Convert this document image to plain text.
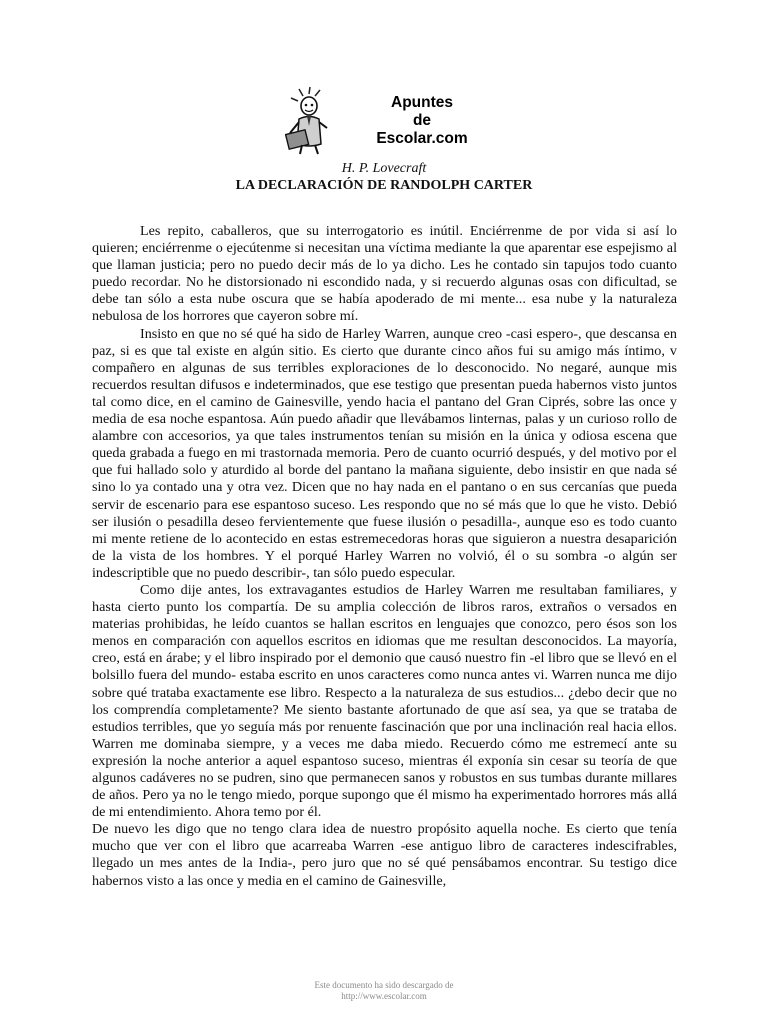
Apuntes
de
Escolar.com
H. P. Lovecraft
LA DECLARACIÓN DE RANDOLPH CARTER

Les repito, caballeros, que su interrogatorio es inútil. Enciérrenme de por vida si así lo quieren; enciérrenme o ejecútenme si necesitan una víctima mediante la que aparentar ese espejismo al que llaman justicia; pero no puedo decir más de lo ya dicho. Les he contado sin tapujos todo cuanto puedo recordar. No he distorsionado ni escondido nada, y si recuerdo algunas osas con dificultad, se debe tan sólo a esta nube oscura que se había apoderado de mi mente... esa nube y la naturaleza nebulosa de los horrores que cayeron sobre mí.

Insisto en que no sé qué ha sido de Harley Warren, aunque creo -casi espero-, que descansa en paz, si es que tal existe en algún sitio. Es cierto que durante cinco años fui su amigo más íntimo, v compañero en algunas de sus terribles exploraciones de lo desconocido. No negaré, aunque mis recuerdos resultan difusos e indeterminados, que ese testigo que presentan pueda habernos visto juntos tal como dice, en el camino de Gainesville, yendo hacia el pantano del Gran Ciprés, sobre las once y media de esa noche espantosa. Aún puedo añadir que llevábamos linternas, palas y un curioso rollo de alambre con accesorios, ya que tales instrumentos tenían su misión en la única y odiosa escena que queda grabada a fuego en mi trastornada memoria. Pero de cuanto ocurrió después, y del motivo por el que fui hallado solo y aturdido al borde del pantano la mañana siguiente, debo insistir en que nada sé sino lo ya contado una y otra vez. Dicen que no hay nada en el pantano o en sus cercanías que pueda servir de escenario para ese espantoso suceso. Les respondo que no sé más que lo que he visto. Debió ser ilusión o pesadilla deseo fervientemente que fuese ilusión o pesadilla-, aunque eso es todo cuanto mi mente retiene de lo acontecido en estas estremecedoras horas que siguieron a nuestra desaparición de la vista de los hombres. Y el porqué Harley Warren no volvió, él o su sombra -o algún ser indescriptible que no puedo describir-, tan sólo puedo especular.

Como dije antes, los extravagantes estudios de Harley Warren me resultaban familiares, y hasta cierto punto los compartía. De su amplia colección de libros raros, extraños o versados en materias prohibidas, he leído cuantos se hallan escritos en lenguajes que conozco, pero ésos son los menos en comparación con aquellos escritos en idiomas que me resultan desconocidos. La mayoría, creo, está en árabe; y el libro inspirado por el demonio que causó nuestro fin -el libro que se llevó en el bolsillo fuera del mundo- estaba escrito en unos caracteres como nunca antes vi. Warren nunca me dijo sobre qué trataba exactamente ese libro. Respecto a la naturaleza de sus estudios... ¿debo decir que no los comprendía completamente? Me siento bastante afortunado de que así sea, ya que se trataba de estudios terribles, que yo seguía más por renuente fascinación que por una inclinación real hacia ellos. Warren me dominaba siempre, y a veces me daba miedo. Recuerdo cómo me estremecí ante su expresión la noche anterior a aquel espantoso suceso, mientras él exponía sin cesar su teoría de que algunos cadáveres no se pudren, sino que permanecen sanos y robustos en sus tumbas durante millares de años. Pero ya no le tengo miedo, porque supongo que él mismo ha experimentado horrores más allá de mi entendimiento. Ahora temo por él.

De nuevo les digo que no tengo clara idea de nuestro propósito aquella noche. Es cierto que tenía mucho que ver con el libro que acarreaba Warren -ese antiguo libro de caracteres indescifrables, llegado un mes antes de la India-, pero juro que no sé qué pensábamos encontrar. Su testigo dice habernos visto a las once y media en el camino de Gainesville,

Este documento ha sido descargado de
http://www.escolar.com
